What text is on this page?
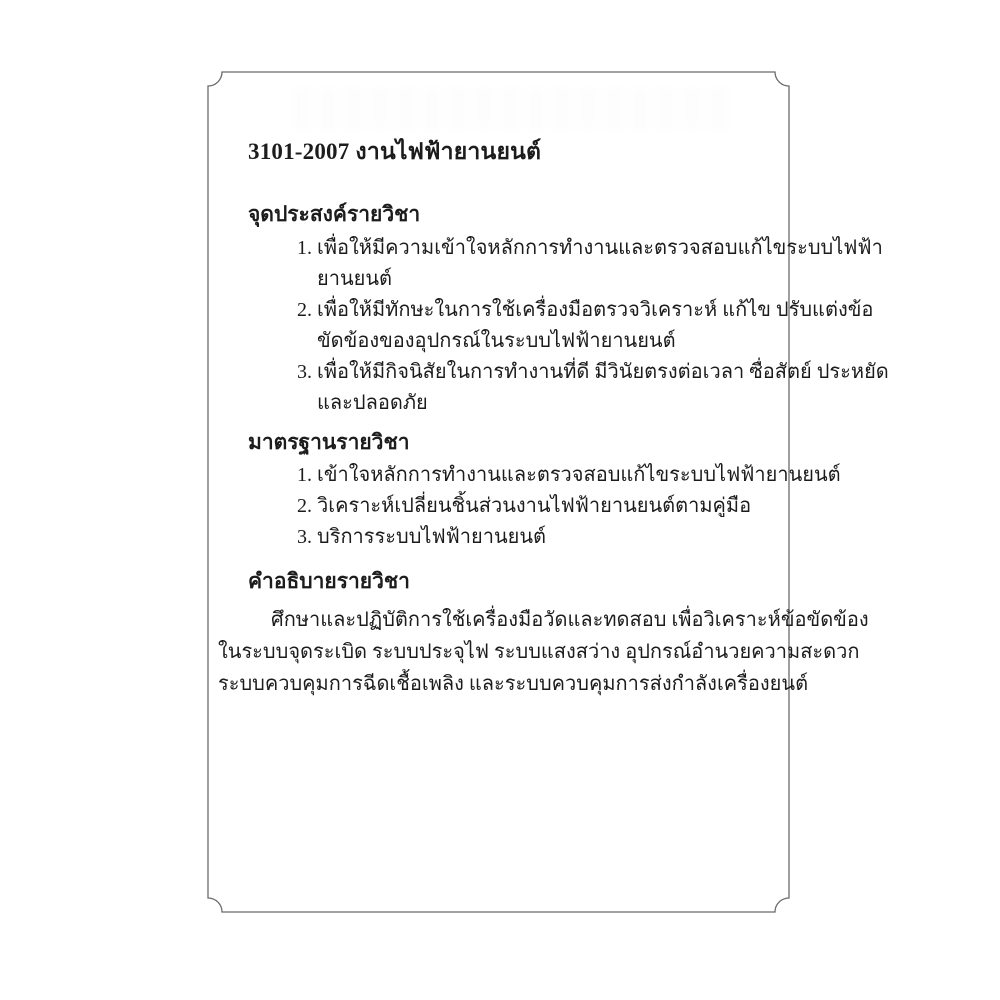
3101-2007 งานไฟฟ้ายานยนต์
จุดประสงค์รายวิชา
1. เพื่อให้มีความเข้าใจหลักการทำงานและตรวจสอบแก้ไขระบบไฟฟ้า
ยานยนต์
2. เพื่อให้มีทักษะในการใช้เครื่องมือตรวจวิเคราะห์ แก้ไข ปรับแต่งข้อ
ขัดข้องของอุปกรณ์ในระบบไฟฟ้ายานยนต์
3. เพื่อให้มีกิจนิสัยในการทำงานที่ดี มีวินัยตรงต่อเวลา ซื่อสัตย์ ประหยัด
และปลอดภัย
มาตรฐานรายวิชา
1. เข้าใจหลักการทำงานและตรวจสอบแก้ไขระบบไฟฟ้ายานยนต์
2. วิเคราะห์เปลี่ยนชิ้นส่วนงานไฟฟ้ายานยนต์ตามคู่มือ
3. บริการระบบไฟฟ้ายานยนต์
คำอธิบายรายวิชา
ศึกษาและปฏิบัติการใช้เครื่องมือวัดและทดสอบ เพื่อวิเคราะห์ข้อขัดข้อง
ในระบบจุดระเบิด ระบบประจุไฟ ระบบแสงสว่าง อุปกรณ์อำนวยความสะดวก
ระบบควบคุมการฉีดเชื้อเพลิง และระบบควบคุมการส่งกำลังเครื่องยนต์
